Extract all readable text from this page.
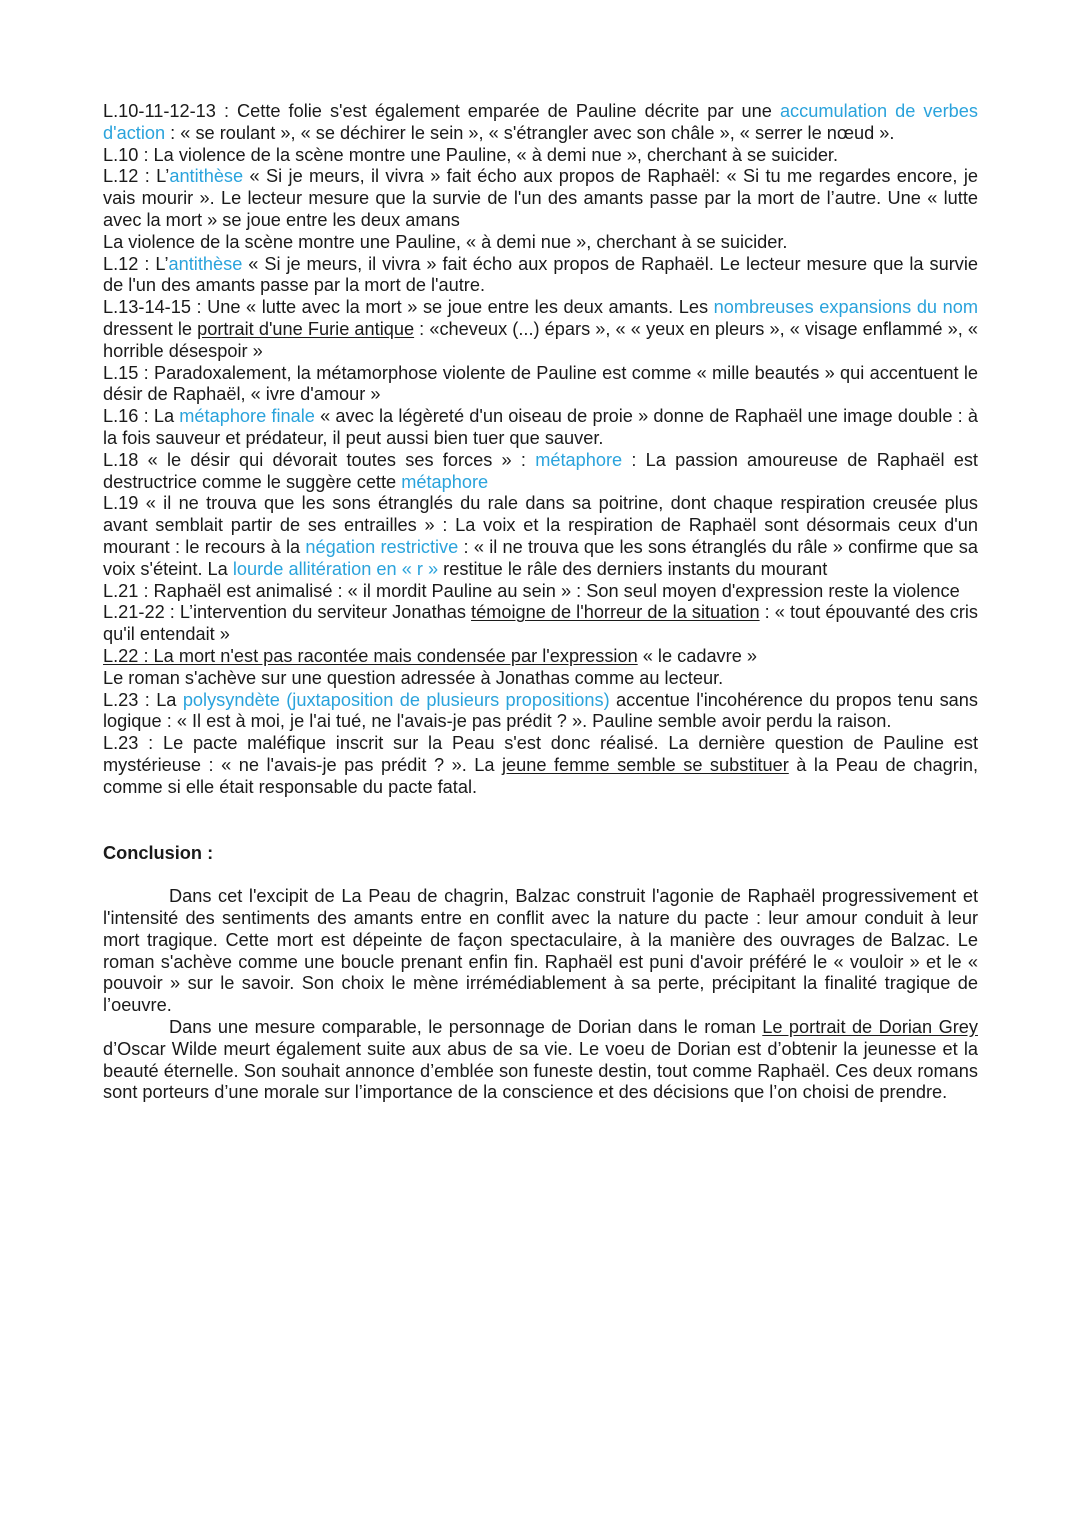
L.10-11-12-13 : Cette folie s'est également emparée de Pauline décrite par une accumulation de verbes d'action : « se roulant », « se déchirer le sein », « s'étrangler avec son châle », « serrer le nœud ».

L.10 : La violence de la scène montre une Pauline, « à demi nue », cherchant à se suicider.

L.12 : L’antithèse « Si je meurs, il vivra » fait écho aux propos de Raphaël: « Si tu me regardes encore, je vais mourir ». Le lecteur mesure que la survie de l'un des amants passe par la mort de l’autre. Une « lutte avec la mort » se joue entre les deux amans

La violence de la scène montre une Pauline, « à demi nue », cherchant à se suicider.

L.12 : L’antithèse « Si je meurs, il vivra » fait écho aux propos de Raphaël. Le lecteur mesure que la survie de l'un des amants passe par la mort de l'autre.

L.13-14-15 : Une « lutte avec la mort » se joue entre les deux amants. Les nombreuses expansions du nom dressent le portrait d'une Furie antique : «cheveux (...) épars », « « yeux en pleurs », « visage enflammé », « horrible désespoir »

L.15 : Paradoxalement, la métamorphose violente de Pauline est comme « mille beautés » qui accentuent le désir de Raphaël, « ivre d'amour »

L.16 : La métaphore finale « avec la légèreté d'un oiseau de proie » donne de Raphaël une image double : à la fois sauveur et prédateur, il peut aussi bien tuer que sauver.

L.18 « le désir qui dévorait toutes ses forces » : métaphore : La passion amoureuse de Raphaël est destructrice comme le suggère cette métaphore

L.19 « il ne trouva que les sons étranglés du rale dans sa poitrine, dont chaque respiration creusée plus avant semblait partir de ses entrailles » : La voix et la respiration de Raphaël sont désormais ceux d'un mourant : le recours à la négation restrictive : « il ne trouva que les sons étranglés du râle » confirme que sa voix s'éteint. La lourde allitération en « r » restitue le râle des derniers instants du mourant

L.21 : Raphaël est animalisé : « il mordit Pauline au sein » : Son seul moyen d'expression reste la violence

L.21-22 : L’intervention du serviteur Jonathas témoigne de l'horreur de la situation : « tout épouvanté des cris qu'il entendait »

L.22 : La mort n'est pas racontée mais condensée par l'expression « le cadavre »

Le roman s'achève sur une question adressée à Jonathas comme au lecteur.

L.23 : La polysyndète (juxtaposition de plusieurs propositions) accentue l'incohérence du propos tenu sans logique : « Il est à moi, je l'ai tué, ne l'avais-je pas prédit ? ». Pauline semble avoir perdu la raison.

L.23 : Le pacte maléfique inscrit sur la Peau s'est donc réalisé. La dernière question de Pauline est mystérieuse : « ne l'avais-je pas prédit ? ». La jeune femme semble se substituer à la Peau de chagrin, comme si elle était responsable du pacte fatal.

Conclusion :

Dans cet l'excipit de La Peau de chagrin, Balzac construit l'agonie de Raphaël progressivement et l'intensité des sentiments des amants entre en conflit avec la nature du pacte : leur amour conduit à leur mort tragique. Cette mort est dépeinte de façon spectaculaire, à la manière des ouvrages de Balzac. Le roman s'achève comme une boucle prenant enfin fin. Raphaël est puni d'avoir préféré le « vouloir » et le « pouvoir » sur le savoir. Son choix le mène irrémédiablement à sa perte, précipitant la finalité tragique de l’oeuvre.

Dans une mesure comparable, le personnage de Dorian dans le roman Le portrait de Dorian Grey d’Oscar Wilde meurt également suite aux abus de sa vie. Le voeu de Dorian est d’obtenir la jeunesse et la beauté éternelle. Son souhait annonce d’emblée son funeste destin, tout comme Raphaël. Ces deux romans sont porteurs d’une morale sur l’importance de la conscience et des décisions que l’on choisi de prendre.
